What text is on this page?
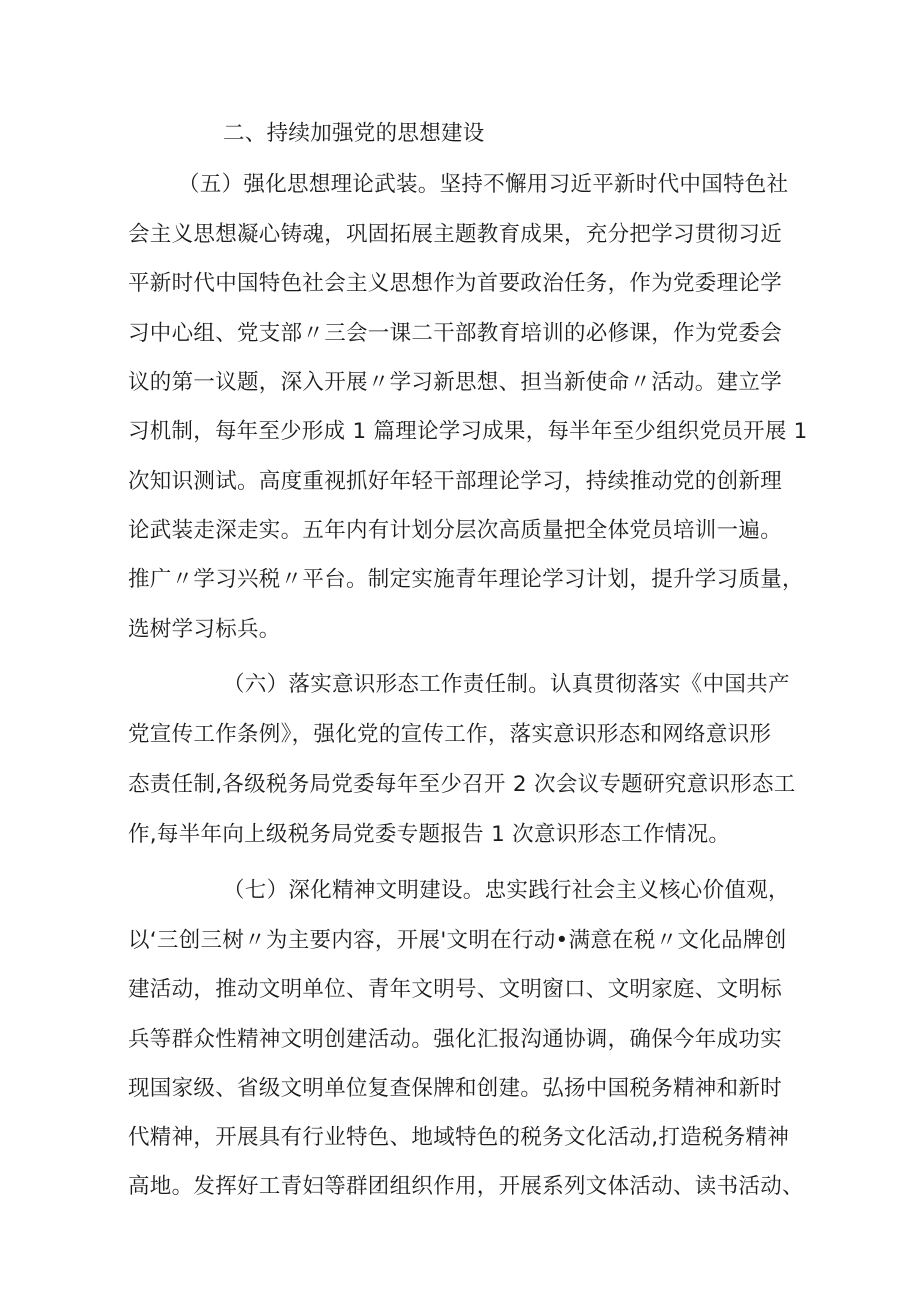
二、持续加强党的思想建设

（五）强化思想理论武装。坚持不懈用习近平新时代中国特色社

会主义思想凝心铸魂，巩固拓展主题教育成果，充分把学习贯彻习近

平新时代中国特色社会主义思想作为首要政治任务，作为党委理论学

习中心组、党支部〃三会一课二干部教育培训的必修课，作为党委会

议的第一议题，深入开展〃学习新思想、担当新使命〃活动。建立学

习机制，每年至少形成 1 篇理论学习成果，每半年至少组织党员开展 1

次知识测试。高度重视抓好年轻干部理论学习，持续推动党的创新理

论武装走深走实。五年内有计划分层次高质量把全体党员培训一遍。

推广〃学习兴税〃平台。制定实施青年理论学习计划，提升学习质量，

选树学习标兵。

（六）落实意识形态工作责任制。认真贯彻落实《中国共产

党宣传工作条例》，强化党的宣传工作，落实意识形态和网络意识形

态责任制,各级税务局党委每年至少召开 2 次会议专题研究意识形态工

作,每半年向上级税务局党委专题报告 1 次意识形态工作情况。

（七）深化精神文明建设。忠实践行社会主义核心价值观，

以‘三创三树〃为主要内容，开展'文明在行动•满意在税〃文化品牌创

建活动，推动文明单位、青年文明号、文明窗口、文明家庭、文明标

兵等群众性精神文明创建活动。强化汇报沟通协调，确保今年成功实

现国家级、省级文明单位复查保牌和创建。弘扬中国税务精神和新时

代精神，开展具有行业特色、地域特色的税务文化活动,打造税务精神

高地。发挥好工青妇等群团组织作用，开展系列文体活动、读书活动、
